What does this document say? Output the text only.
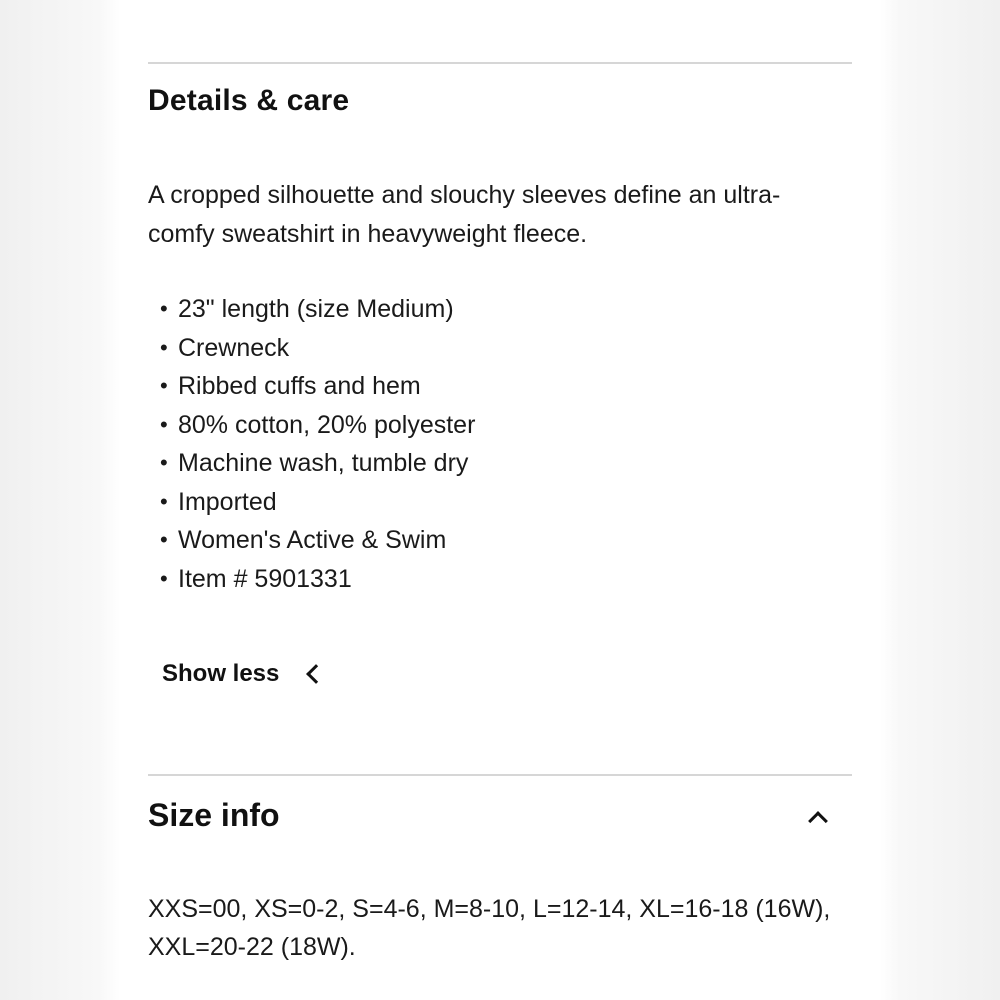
Details & care

A cropped silhouette and slouchy sleeves define an ultra-comfy sweatshirt in heavyweight fleece.

• 23" length (size Medium)
• Crewneck
• Ribbed cuffs and hem
• 80% cotton, 20% polyester
• Machine wash, tumble dry
• Imported
• Women's Active & Swim
• Item # 5901331
Show less
Size info

XXS=00, XS=0-2, S=4-6, M=8-10, L=12-14, XL=16-18 (16W), XXL=20-22 (18W).
